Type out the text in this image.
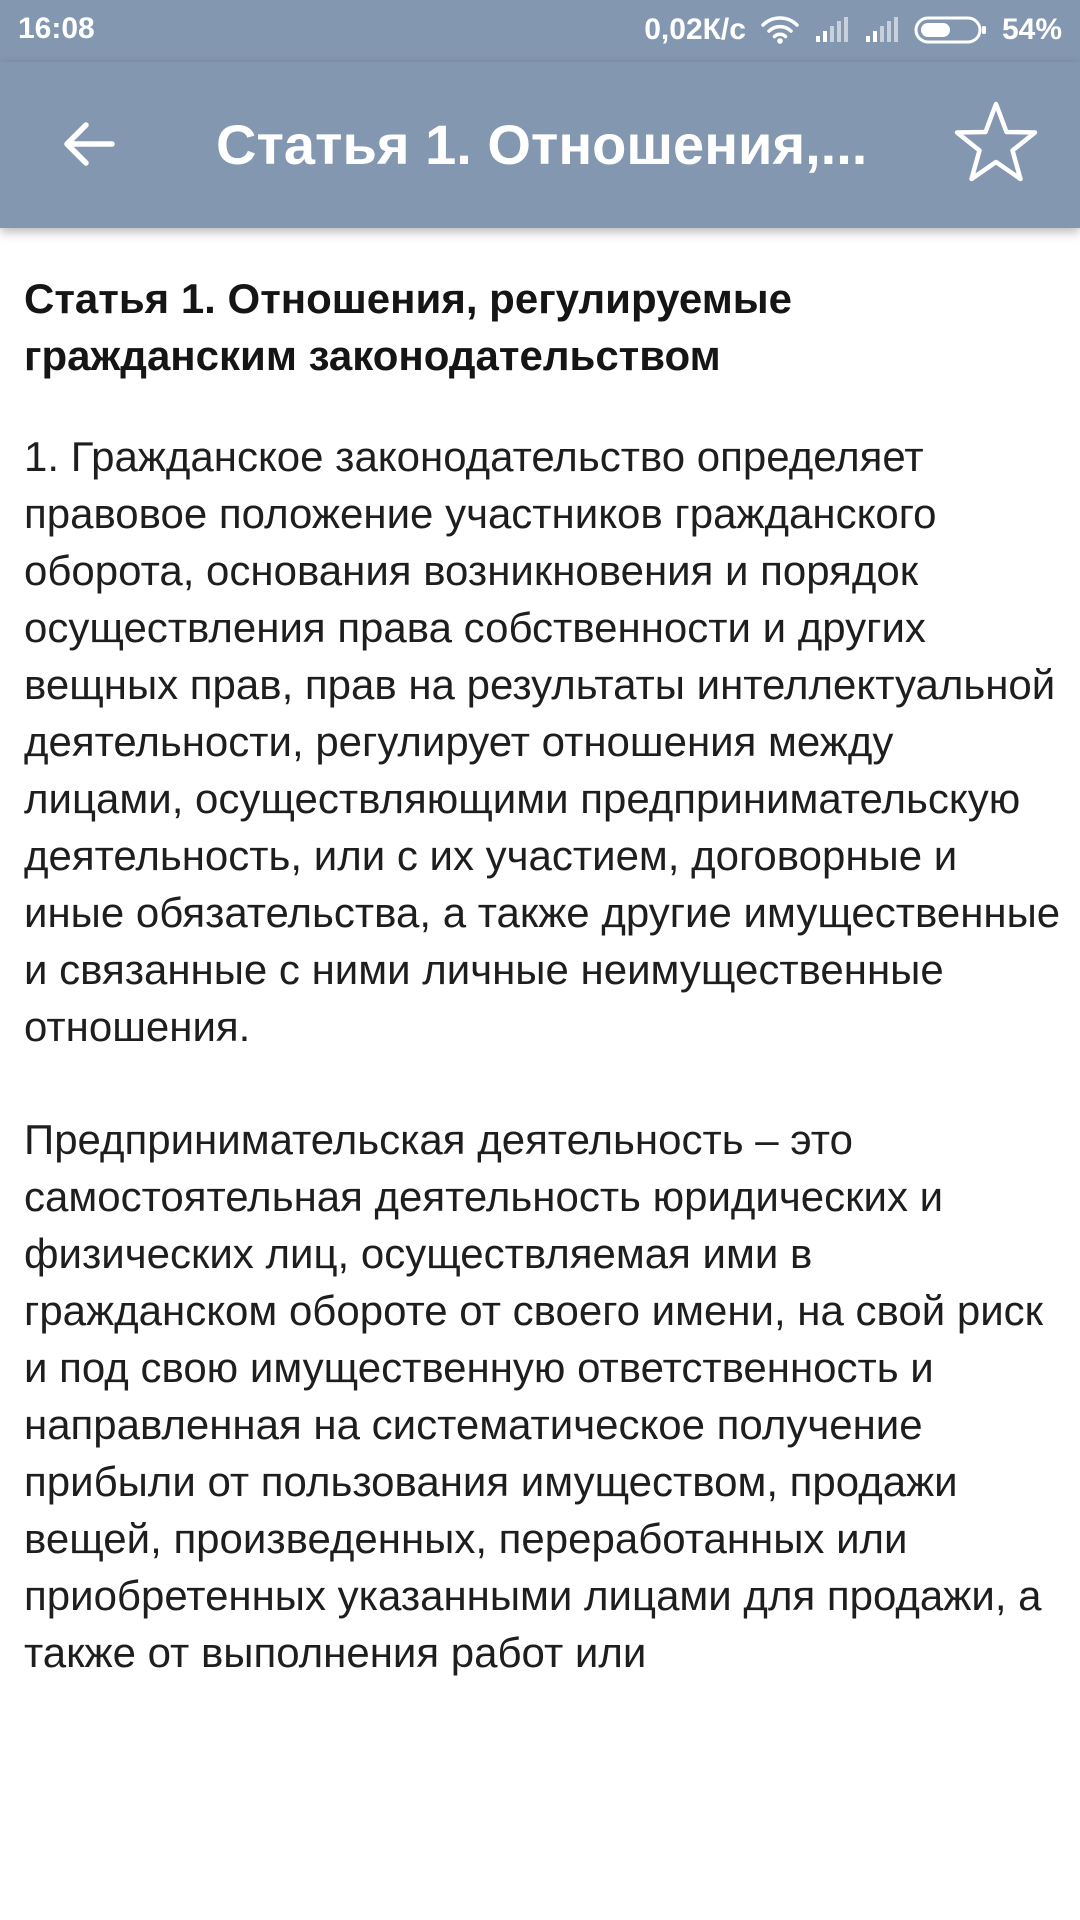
16:08	0,02К/с	54%
Статья 1. Отношения,...
Статья 1. Отношения, регулируемые гражданским законодательством

1. Гражданское законодательство определяет правовое положение участников гражданского оборота, основания возникновения и порядок осуществления права собственности и других вещных прав, прав на результаты интеллектуальной деятельности, регулирует отношения между лицами, осуществляющими предпринимательскую деятельность, или с их участием, договорные и иные обязательства, а также другие имущественные и связанные с ними личные неимущественные отношения.

Предпринимательская деятельность – это самостоятельная деятельность юридических и физических лиц, осуществляемая ими в гражданском обороте от своего имени, на свой риск и под свою имущественную ответственность и направленная на систематическое получение прибыли от пользования имуществом, продажи вещей, произведенных, переработанных или приобретенных указанными лицами для продажи, а также от выполнения работ или
